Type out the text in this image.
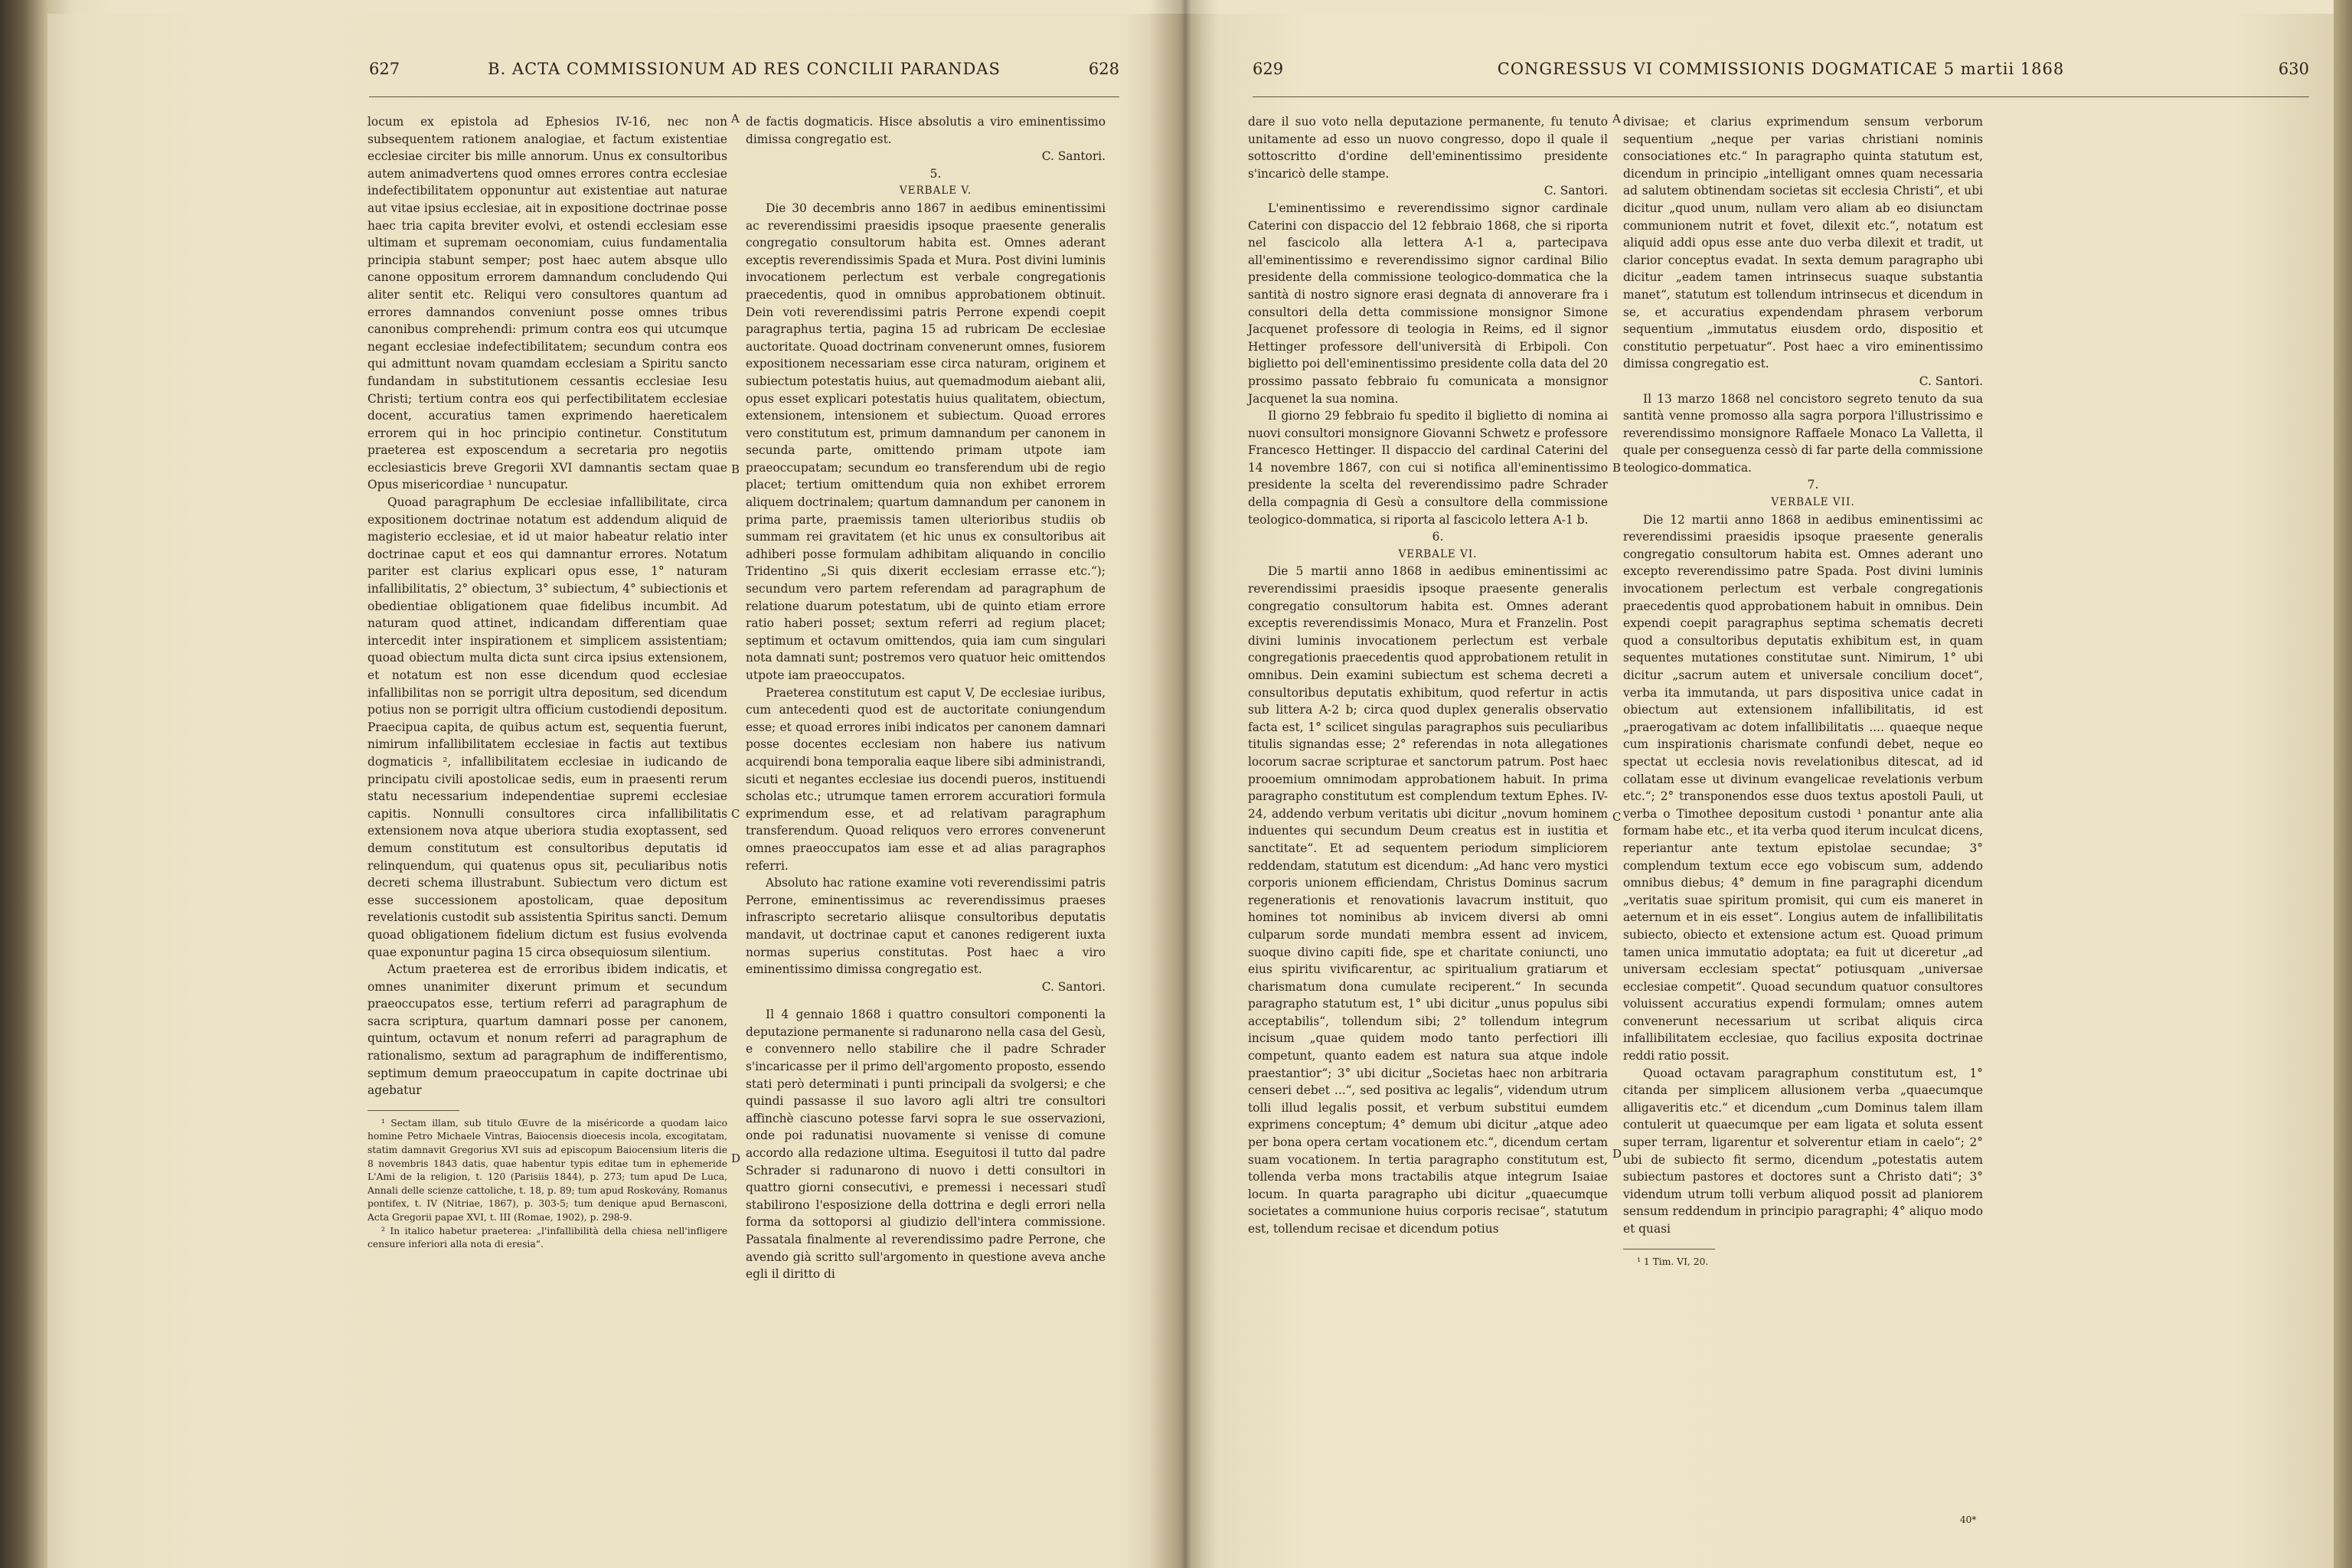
627	B. ACTA COMMISSIONUM AD RES CONCILII PARANDAS	628

locum ex epistola ad Ephesios IV-16, nec non subsequentem rationem analogiae, et factum existentiae ecclesiae circiter bis mille annorum. Unus ex consultoribus autem animadvertens quod omnes errores contra ecclesiae indefectibilitatem opponuntur aut existentiae aut naturae aut vitae ipsius ecclesiae, ait in expositione doctrinae posse haec tria capita breviter evolvi, et ostendi ecclesiam esse ultimam et supremam oeconomiam, cuius fundamentalia principia stabunt semper; post haec autem absque ullo canone oppositum errorem damnandum concludendo Qui aliter sentit etc. Reliqui vero consultores quantum ad errores damnandos conveniunt posse omnes tribus canonibus comprehendi: primum contra eos qui utcumque negant ecclesiae indefectibilitatem; secundum contra eos qui admittunt novam quamdam ecclesiam a Spiritu sancto fundandam in substitutionem cessantis ecclesiae Iesu Christi; tertium contra eos qui perfectibilitatem ecclesiae docent, accuratius tamen exprimendo haereticalem errorem qui in hoc principio continetur. Constitutum praeterea est exposcendum a secretaria pro negotiis ecclesiasticis breve Gregorii XVI damnantis sectam quae Opus misericordiae ¹ nuncupatur.

Quoad paragraphum De ecclesiae infallibilitate, circa expositionem doctrinae notatum est addendum aliquid de magisterio ecclesiae, et id ut maior habeatur relatio inter doctrinae caput et eos qui damnantur errores. Notatum pariter est clarius explicari opus esse, 1° naturam infallibilitatis, 2° obiectum, 3° subiectum, 4° subiectionis et obedientiae obligationem quae fidelibus incumbit. Ad naturam quod attinet, indicandam differentiam quae intercedit inter inspirationem et simplicem assistentiam; quoad obiectum multa dicta sunt circa ipsius extensionem, et notatum est non esse dicendum quod ecclesiae infallibilitas non se porrigit ultra depositum, sed dicendum potius non se porrigit ultra officium custodiendi depositum. Praecipua capita, de quibus actum est, sequentia fuerunt, nimirum infallibilitatem ecclesiae in factis aut textibus dogmaticis ², infallibilitatem ecclesiae in iudicando de principatu civili apostolicae sedis, eum in praesenti rerum statu necessarium independentiae supremi ecclesiae capitis. Nonnulli consultores circa infallibilitatis extensionem nova atque uberiora studia exoptassent, sed demum constitutum est consultoribus deputatis id relinquendum, qui quatenus opus sit, peculiaribus notis decreti schema illustrabunt. Subiectum vero dictum est esse successionem apostolicam, quae depositum revelationis custodit sub assistentia Spiritus sancti. Demum quoad obligationem fidelium dictum est fusius evolvenda quae exponuntur pagina 15 circa obsequiosum silentium.

Actum praeterea est de erroribus ibidem indicatis, et omnes unanimiter dixerunt primum et secundum praeoccupatos esse, tertium referri ad paragraphum de sacra scriptura, quartum damnari posse per canonem, quintum, octavum et nonum referri ad paragraphum de rationalismo, sextum ad paragraphum de indifferentismo, septimum demum praeoccupatum in capite doctrinae ubi agebatur

¹ Sectam illam, sub titulo Œuvre de la miséricorde a quodam laico homine Petro Michaele Vintras, Baiocensis dioecesis incola, excogitatam, statim damnavit Gregorius XVI suis ad episcopum Baiocensium literis die 8 novembris 1843 datis, quae habentur typis editae tum in ephemeride L'Ami de la religion, t. 120 (Parisiis 1844), p. 273; tum apud De Luca, Annali delle scienze cattoliche, t. 18, p. 89; tum apud Roskovány, Romanus pontifex, t. IV (Nitriae, 1867), p. 303-5; tum denique apud Bernasconi, Acta Gregorii papae XVI, t. III (Romae, 1902), p. 298-9.

² In italico habetur praeterea: „l'infallibilità della chiesa nell'infligere censure inferiori alla nota di eresia“.

A
B
C
D

de factis dogmaticis. Hisce absolutis a viro eminentissimo dimissa congregatio est.

C. Santori.

5.

VERBALE V.

Die 30 decembris anno 1867 in aedibus eminentissimi ac reverendissimi praesidis ipsoque praesente generalis congregatio consultorum habita est. Omnes aderant exceptis reverendissimis Spada et Mura. Post divini luminis invocationem perlectum est verbale congregationis praecedentis, quod in omnibus approbationem obtinuit. Dein voti reverendissimi patris Perrone expendi coepit paragraphus tertia, pagina 15 ad rubricam De ecclesiae auctoritate. Quoad doctrinam convenerunt omnes, fusiorem expositionem necessariam esse circa naturam, originem et subiectum potestatis huius, aut quemadmodum aiebant alii, opus esset explicari potestatis huius qualitatem, obiectum, extensionem, intensionem et subiectum. Quoad errores vero constitutum est, primum damnandum per canonem in secunda parte, omittendo primam utpote iam praeoccupatam; secundum eo transferendum ubi de regio placet; tertium omittendum quia non exhibet errorem aliquem doctrinalem; quartum damnandum per canonem in prima parte, praemissis tamen ulterioribus studiis ob summam rei gravitatem (et hic unus ex consultoribus ait adhiberi posse formulam adhibitam aliquando in concilio Tridentino „Si quis dixerit ecclesiam errasse etc.“); secundum vero partem referendam ad paragraphum de relatione duarum potestatum, ubi de quinto etiam errore ratio haberi posset; sextum referri ad regium placet; septimum et octavum omittendos, quia iam cum singulari nota damnati sunt; postremos vero quatuor heic omittendos utpote iam praeoccupatos.

Praeterea constitutum est caput V, De ecclesiae iuribus, cum antecedenti quod est de auctoritate coniungendum esse; et quoad errores inibi indicatos per canonem damnari posse docentes ecclesiam non habere ius nativum acquirendi bona temporalia eaque libere sibi administrandi, sicuti et negantes ecclesiae ius docendi pueros, instituendi scholas etc.; utrumque tamen errorem accuratiori formula exprimendum esse, et ad relativam paragraphum transferendum. Quoad reliquos vero errores convenerunt omnes praeoccupatos iam esse et ad alias paragraphos referri.

Absoluto hac ratione examine voti reverendissimi patris Perrone, eminentissimus ac reverendissimus praeses infrascripto secretario aliisque consultoribus deputatis mandavit, ut doctrinae caput et canones redigerent iuxta normas superius constitutas. Post haec a viro eminentissimo dimissa congregatio est.

C. Santori.

Il 4 gennaio 1868 i quattro consultori componenti la deputazione permanente si radunarono nella casa del Gesù, e convennero nello stabilire che il padre Schrader s'incaricasse per il primo dell'argomento proposto, essendo stati però determinati i punti principali da svolgersi; e che quindi passasse il suo lavoro agli altri tre consultori affinchè ciascuno potesse farvi sopra le sue osservazioni, onde poi radunatisi nuovamente si venisse di comune accordo alla redazione ultima. Eseguitosi il tutto dal padre Schrader si radunarono di nuovo i detti consultori in quattro giorni consecutivi, e premessi i necessari studî stabilirono l'esposizione della dottrina e degli errori nella forma da sottoporsi al giudizio dell'intera commissione. Passatala finalmente al reverendissimo padre Perrone, che avendo già scritto sull'argomento in questione aveva anche egli il diritto di

629	CONGRESSUS VI COMMISSIONIS DOGMATICAE 5 martii 1868	630

dare il suo voto nella deputazione permanente, fu tenuto unitamente ad esso un nuovo congresso, dopo il quale il sottoscritto d'ordine dell'eminentissimo presidente s'incaricò delle stampe.

C. Santori.

L'eminentissimo e reverendissimo signor cardinale Caterini con dispaccio del 12 febbraio 1868, che si riporta nel fascicolo alla lettera A-1 a, partecipava all'eminentissimo e reverendissimo signor cardinal Bilio presidente della commissione teologico-dommatica che la santità di nostro signore erasi degnata di annoverare fra i consultori della detta commissione monsignor Simone Jacquenet professore di teologia in Reims, ed il signor Hettinger professore dell'università di Erbipoli. Con biglietto poi dell'eminentissimo presidente colla data del 20 prossimo passato febbraio fu comunicata a monsignor Jacquenet la sua nomina.

Il giorno 29 febbraio fu spedito il biglietto di nomina ai nuovi consultori monsignore Giovanni Schwetz e professore Francesco Hettinger. Il dispaccio del cardinal Caterini del 14 novembre 1867, con cui si notifica all'eminentissimo presidente la scelta del reverendissimo padre Schrader della compagnia di Gesù a consultore della commissione teologico-dommatica, si riporta al fascicolo lettera A-1 b.

6.

VERBALE VI.

Die 5 martii anno 1868 in aedibus eminentissimi ac reverendissimi praesidis ipsoque praesente generalis congregatio consultorum habita est. Omnes aderant exceptis reverendissimis Monaco, Mura et Franzelin. Post divini luminis invocationem perlectum est verbale congregationis praecedentis quod approbationem retulit in omnibus. Dein examini subiectum est schema decreti a consultoribus deputatis exhibitum, quod refertur in actis sub littera A-2 b; circa quod duplex generalis observatio facta est, 1° scilicet singulas paragraphos suis peculiaribus titulis signandas esse; 2° referendas in nota allegationes locorum sacrae scripturae et sanctorum patrum. Post haec prooemium omnimodam approbationem habuit. In prima paragrapho constitutum est complendum textum Ephes. IV-24, addendo verbum veritatis ubi dicitur „novum hominem induentes qui secundum Deum creatus est in iustitia et sanctitate“. Et ad sequentem periodum simpliciorem reddendam, statutum est dicendum: „Ad hanc vero mystici corporis unionem efficiendam, Christus Dominus sacrum regenerationis et renovationis lavacrum instituit, quo homines tot nominibus ab invicem diversi ab omni culparum sorde mundati membra essent ad invicem, suoque divino capiti fide, spe et charitate coniuncti, uno eius spiritu vivificarentur, ac spiritualium gratiarum et charismatum dona cumulate reciperent.“ In secunda paragrapho statutum est, 1° ubi dicitur „unus populus sibi acceptabilis“, tollendum sibi; 2° tollendum integrum incisum „quae quidem modo tanto perfectiori illi competunt, quanto eadem est natura sua atque indole praestantior“; 3° ubi dicitur „Societas haec non arbitraria censeri debet ...“, sed positiva ac legalis“, videndum utrum tolli illud legalis possit, et verbum substitui eumdem exprimens conceptum; 4° demum ubi dicitur „atque adeo per bona opera certam vocationem etc.“, dicendum certam suam vocationem. In tertia paragrapho constitutum est, tollenda verba mons tractabilis atque integrum Isaiae locum. In quarta paragrapho ubi dicitur „quaecumque societates a communione huius corporis recisae“, statutum est, tollendum recisae et dicendum potius

A
B
C
D

divisae; et clarius exprimendum sensum verborum sequentium „neque per varias christiani nominis consociationes etc.“ In paragrapho quinta statutum est, dicendum in principio „intelligant omnes quam necessaria ad salutem obtinendam societas sit ecclesia Christi“, et ubi dicitur „quod unum, nullam vero aliam ab eo disiunctam communionem nutrit et fovet, dilexit etc.“, notatum est aliquid addi opus esse ante duo verba dilexit et tradit, ut clarior conceptus evadat. In sexta demum paragrapho ubi dicitur „eadem tamen intrinsecus suaque substantia manet“, statutum est tollendum intrinsecus et dicendum in se, et accuratius expendendam phrasem verborum sequentium „immutatus eiusdem ordo, dispositio et constitutio perpetuatur“. Post haec a viro eminentissimo dimissa congregatio est.

C. Santori.

Il 13 marzo 1868 nel concistoro segreto tenuto da sua santità venne promosso alla sagra porpora l'illustrissimo e reverendissimo monsignore Raffaele Monaco La Valletta, il quale per conseguenza cessò di far parte della commissione teologico-dommatica.

7.

VERBALE VII.

Die 12 martii anno 1868 in aedibus eminentissimi ac reverendissimi praesidis ipsoque praesente generalis congregatio consultorum habita est. Omnes aderant uno excepto reverendissimo patre Spada. Post divini luminis invocationem perlectum est verbale congregationis praecedentis quod approbationem habuit in omnibus. Dein expendi coepit paragraphus septima schematis decreti quod a consultoribus deputatis exhibitum est, in quam sequentes mutationes constitutae sunt. Nimirum, 1° ubi dicitur „sacrum autem et universale concilium docet“, verba ita immutanda, ut pars dispositiva unice cadat in obiectum aut extensionem infallibilitatis, id est „praerogativam ac dotem infallibilitatis .... quaeque neque cum inspirationis charismate confundi debet, neque eo spectat ut ecclesia novis revelationibus ditescat, ad id collatam esse ut divinum evangelicae revelationis verbum etc.“; 2° transponendos esse duos textus apostoli Pauli, ut verba o Timothee depositum custodi ¹ ponantur ante alia formam habe etc., et ita verba quod iterum inculcat dicens, reperiantur ante textum epistolae secundae; 3° complendum textum ecce ego vobiscum sum, addendo omnibus diebus; 4° demum in fine paragraphi dicendum „veritatis suae spiritum promisit, qui cum eis maneret in aeternum et in eis esset“. Longius autem de infallibilitatis subiecto, obiecto et extensione actum est. Quoad primum tamen unica immutatio adoptata; ea fuit ut diceretur „ad universam ecclesiam spectat“ potiusquam „universae ecclesiae competit“. Quoad secundum quatuor consultores voluissent accuratius expendi formulam; omnes autem convenerunt necessarium ut scribat aliquis circa infallibilitatem ecclesiae, quo facilius exposita doctrinae reddi ratio possit.

Quoad octavam paragraphum constitutum est, 1° citanda per simplicem allusionem verba „quaecumque alligaveritis etc.“ et dicendum „cum Dominus talem illam contulerit ut quaecumque per eam ligata et soluta essent super terram, ligarentur et solverentur etiam in caelo“; 2° ubi de subiecto fit sermo, dicendum „potestatis autem subiectum pastores et doctores sunt a Christo dati“; 3° videndum utrum tolli verbum aliquod possit ad planiorem sensum reddendum in principio paragraphi; 4° aliquo modo et quasi

¹ 1 Tim. VI, 20.

40*
